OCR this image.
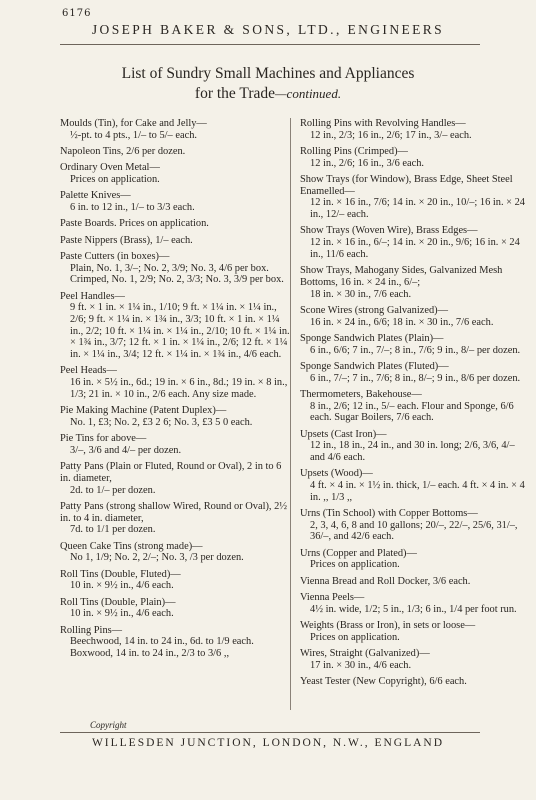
6176
JOSEPH BAKER & SONS, LTD., ENGINEERS
List of Sundry Small Machines and Appliances
for the Trade—continued.
Moulds (Tin), for Cake and Jelly—
½-pt. to 4 pts., 1/– to 5/– each.
Napoleon Tins, 2/6 per dozen.
Ordinary Oven Metal—
Prices on application.
Palette Knives—
6 in. to 12 in., 1/– to 3/3 each.
Paste Boards. Prices on application.
Paste Nippers (Brass), 1/– each.
Paste Cutters (in boxes)—
Plain, No. 1, 3/–; No. 2, 3/9; No. 3, 4/6 per box. Crimped, No. 1, 2/9; No. 2, 3/3; No. 3, 3/9 per box.
Peel Handles—
9 ft. × 1 in. × 1¼ in., 1/10; 9 ft. × 1¼ in. × 1¼ in., 2/6; 9 ft. × 1¼ in. × 1¾ in., 3/3; 10 ft. × 1 in. × 1¼ in., 2/2; 10 ft. × 1¼ in. × 1¼ in., 2/10; 10 ft. × 1¼ in. × 1¾ in., 3/7; 12 ft. × 1 in. × 1¼ in., 2/6; 12 ft. × 1¼ in. × 1¼ in., 3/4; 12 ft. × 1¼ in. × 1¾ in., 4/6 each.
Peel Heads—
16 in. × 5½ in., 6d.; 19 in. × 6 in., 8d.; 19 in. × 8 in., 1/3; 21 in. × 10 in., 2/6 each. Any size made.
Pie Making Machine (Patent Duplex)—
No. 1, £3; No. 2, £3 2 6; No. 3, £3 5 0 each.
Pie Tins for above—
3/–, 3/6 and 4/– per dozen.
Patty Pans (Plain or Fluted, Round or Oval), 2 in to 6 in. diameter,
2d. to 1/– per dozen.
Patty Pans (strong shallow Wired, Round or Oval), 2½ in. to 4 in. diameter,
7d. to 1/1 per dozen.
Queen Cake Tins (strong made)—
No 1, 1/9; No. 2, 2/–; No. 3, /3 per dozen.
Roll Tins (Double, Fluted)—
10 in. × 9½ in., 4/6 each.
Roll Tins (Double, Plain)—
10 in. × 9½ in., 4/6 each.
Rolling Pins—
Beechwood, 14 in. to 24 in., 6d. to 1/9 each. Boxwood, 14 in. to 24 in., 2/3 to 3/6 ,,
Rolling Pins with Revolving Handles—
12 in., 2/3; 16 in., 2/6; 17 in., 3/– each.
Rolling Pins (Crimped)—
12 in., 2/6; 16 in., 3/6 each.
Show Trays (for Window), Brass Edge, Sheet Steel Enamelled—
12 in. × 16 in., 7/6; 14 in. × 20 in., 10/–; 16 in. × 24 in., 12/– each.
Show Trays (Woven Wire), Brass Edges—
12 in. × 16 in., 6/–; 14 in. × 20 in., 9/6; 16 in. × 24 in., 11/6 each.
Show Trays, Mahogany Sides, Galvanized Mesh Bottoms, 16 in. × 24 in., 6/–;
18 in. × 30 in., 7/6 each.
Scone Wires (strong Galvanized)—
16 in. × 24 in., 6/6; 18 in. × 30 in., 7/6 each.
Sponge Sandwich Plates (Plain)—
6 in., 6/6; 7 in., 7/–; 8 in., 7/6; 9 in., 8/– per dozen.
Sponge Sandwich Plates (Fluted)—
6 in., 7/–; 7 in., 7/6; 8 in., 8/–; 9 in., 8/6 per dozen.
Thermometers, Bakehouse—
8 in., 2/6; 12 in., 5/– each. Flour and Sponge, 6/6 each. Sugar Boilers, 7/6 each.
Upsets (Cast Iron)—
12 in., 18 in., 24 in., and 30 in. long; 2/6, 3/6, 4/– and 4/6 each.
Upsets (Wood)—
4 ft. × 4 in. × 1½ in. thick, 1/– each. 4 ft. × 4 in. × 4 in. ,, 1/3 ,,
Urns (Tin School) with Copper Bottoms—
2, 3, 4, 6, 8 and 10 gallons; 20/–, 22/–, 25/6, 31/–, 36/–, and 42/6 each.
Urns (Copper and Plated)—
Prices on application.
Vienna Bread and Roll Docker, 3/6 each.
Vienna Peels—
4½ in. wide, 1/2; 5 in., 1/3; 6 in., 1/4 per foot run.
Weights (Brass or Iron), in sets or loose—
Prices on application.
Wires, Straight (Galvanized)—
17 in. × 30 in., 4/6 each.
Yeast Tester (New Copyright), 6/6 each.
Copyright
WILLESDEN JUNCTION, LONDON, N.W., ENGLAND
